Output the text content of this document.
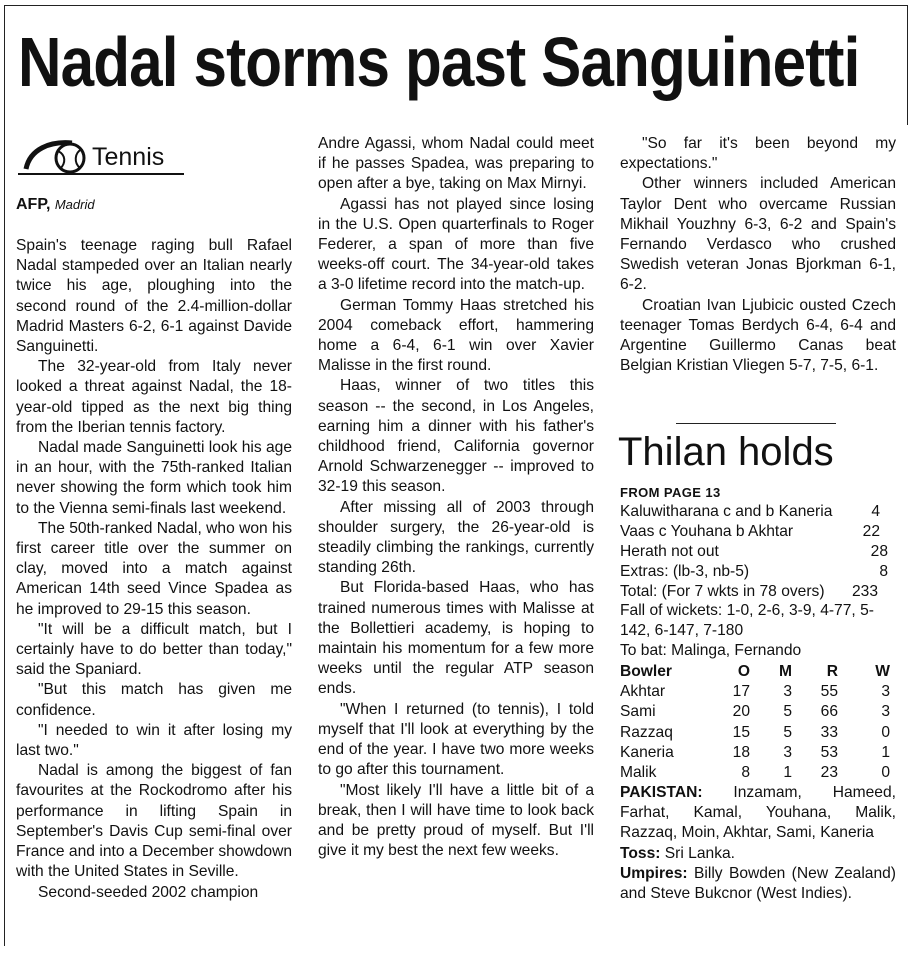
Nadal storms past Sanguinetti
Tennis
AFP, Madrid

Spain's teenage raging bull Rafael Nadal stampeded over an Italian nearly twice his age, ploughing into the second round of the 2.4-million-dollar Madrid Masters 6-2, 6-1 against Davide Sanguinetti.

The 32-year-old from Italy never looked a threat against Nadal, the 18-year-old tipped as the next big thing from the Iberian tennis factory.

Nadal made Sanguinetti look his age in an hour, with the 75th-ranked Italian never showing the form which took him to the Vienna semi-finals last weekend.

The 50th-ranked Nadal, who won his first career title over the summer on clay, moved into a match against American 14th seed Vince Spadea as he improved to 29-15 this season.

"It will be a difficult match, but I certainly have to do better than today," said the Spaniard.

"But this match has given me confidence.

"I needed to win it after losing my last two."

Nadal is among the biggest of fan favourites at the Rockodromo after his performance in lifting Spain in September's Davis Cup semi-final over France and into a December showdown with the United States in Seville.

Second-seeded 2002 champion

Andre Agassi, whom Nadal could meet if he passes Spadea, was preparing to open after a bye, taking on Max Mirnyi.

Agassi has not played since losing in the U.S. Open quarterfinals to Roger Federer, a span of more than five weeks-off court. The 34-year-old takes a 3-0 lifetime record into the match-up.

German Tommy Haas stretched his 2004 comeback effort, hammering home a 6-4, 6-1 win over Xavier Malisse in the first round.

Haas, winner of two titles this season -- the second, in Los Angeles, earning him a dinner with his father's childhood friend, California governor Arnold Schwarzenegger -- improved to 32-19 this season.

After missing all of 2003 through shoulder surgery, the 26-year-old is steadily climbing the rankings, currently standing 26th.

But Florida-based Haas, who has trained numerous times with Malisse at the Bollettieri academy, is hoping to maintain his momentum for a few more weeks until the regular ATP season ends.

"When I returned (to tennis), I told myself that I'll look at everything by the end of the year. I have two more weeks to go after this tournament.

"Most likely I'll have a little bit of a break, then I will have time to look back and be pretty proud of myself. But I'll give it my best the next few weeks.

"So far it's been beyond my expectations."

Other winners included American Taylor Dent who overcame Russian Mikhail Youzhny 6-3, 6-2 and Spain's Fernando Verdasco who crushed Swedish veteran Jonas Bjorkman 6-1, 6-2.

Croatian Ivan Ljubicic ousted Czech teenager Tomas Berdych 6-4, 6-4 and Argentine Guillermo Canas beat Belgian Kristian Vliegen 5-7, 7-5, 6-1.

Thilan holds
FROM PAGE 13
Kaluwitharana c and b Kaneria 4
Vaas c Youhana b Akhtar	22
Herath not out	28
Extras: (lb-3, nb-5)	8
Total: (For 7 wkts in 78 overs) 233
Fall of wickets: 1-0, 2-6, 3-9, 4-77, 5-142, 6-147, 7-180
To bat: Malinga, Fernando
Bowler	O	M	R	W
Akhtar	17	3	55	3
Sami	20	5	66	3
Razzaq	15	5	33	0
Kaneria	18	3	53	1
Malik	8	1	23	0
PAKISTAN: Inzamam, Hameed, Farhat, Kamal, Youhana, Malik, Razzaq, Moin, Akhtar, Sami, Kaneria
Toss: Sri Lanka.
Umpires: Billy Bowden (New Zealand) and Steve Bukcnor (West Indies).
